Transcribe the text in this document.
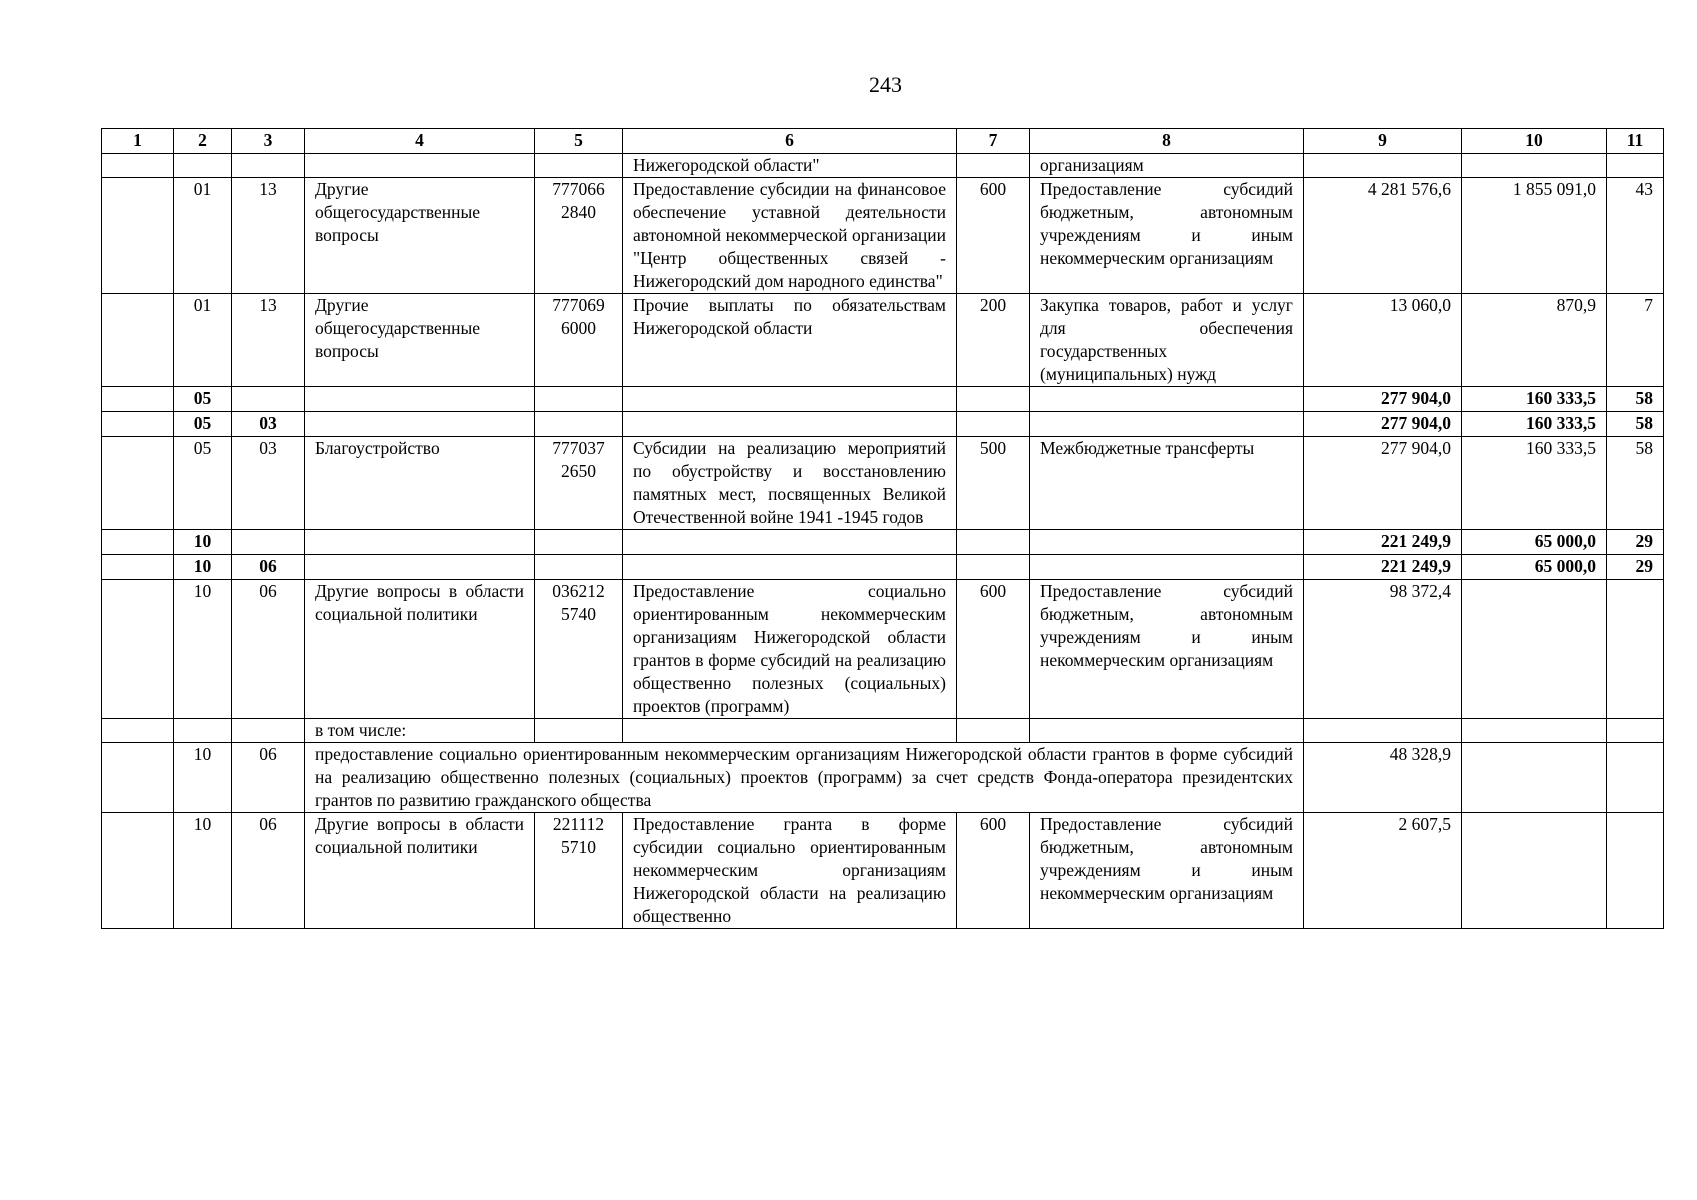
243
1	2	3	4	5	6	7	8	9	10	11
					Нижегородской области"		организациям			
	01	13	Другие общегосударственные вопросы	777066 2840	Предоставление субсидии на финансовое обеспечение уставной деятельности автономной некоммерческой организации "Центр общественных связей - Нижегородский дом народного единства"	600	Предоставление субсидий бюджетным, автономным учреждениям и иным некоммерческим организациям	4 281 576,6	1 855 091,0	43
	01	13	Другие общегосударственные вопросы	777069 6000	Прочие выплаты по обязательствам Нижегородской области	200	Закупка товаров, работ и услуг для обеспечения государственных (муниципальных) нужд	13 060,0	870,9	7
	05							277 904,0	160 333,5	58
	05	03						277 904,0	160 333,5	58
	05	03	Благоустройство	777037 2650	Субсидии на реализацию мероприятий по обустройству и восстановлению памятных мест, посвященных Великой Отечественной войне 1941 -1945 годов	500	Межбюджетные трансферты	277 904,0	160 333,5	58
	10							221 249,9	65 000,0	29
	10	06						221 249,9	65 000,0	29
	10	06	Другие вопросы в области социальной политики	036212 5740	Предоставление социально ориентированным некоммерческим организациям Нижегородской области грантов в форме субсидий на реализацию общественно полезных (социальных) проектов (программ)	600	Предоставление субсидий бюджетным, автономным учреждениям и иным некоммерческим организациям	98 372,4		
			в том числе:							
	10	06	предоставление социально ориентированным некоммерческим организациям Нижегородской области грантов в форме субсидий на реализацию общественно полезных (социальных) проектов (программ) за счет средств Фонда-оператора президентских грантов по развитию гражданского общества					48 328,9		
	10	06	Другие вопросы в области социальной политики	221112 5710	Предоставление гранта в форме субсидии социально ориентированным некоммерческим организациям Нижегородской области на реализацию общественно	600	Предоставление субсидий бюджетным, автономным учреждениям и иным некоммерческим организациям	2 607,5		
